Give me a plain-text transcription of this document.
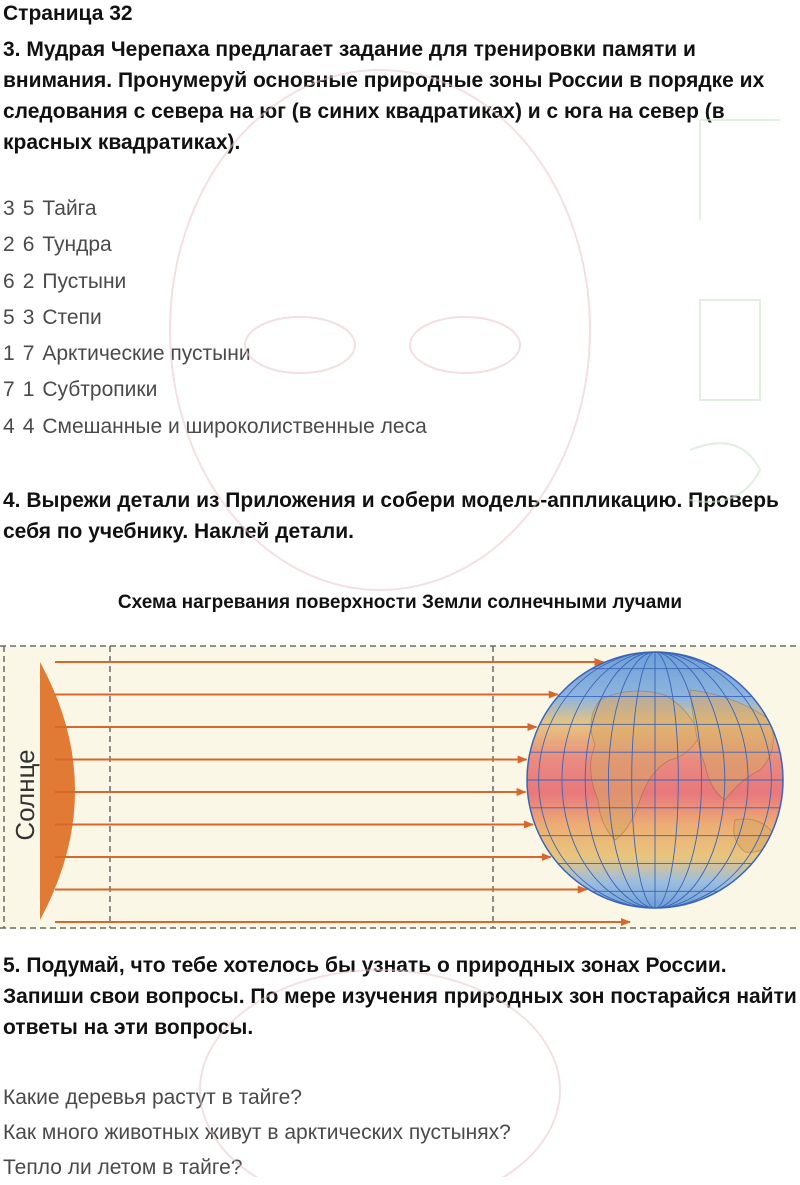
Страница 32
3. Мудрая Черепаха предлагает задание для тренировки памяти и внимания. Пронумеруй основные природные зоны России в порядке их следования с севера на юг (в синих квадратиках) и с юга на север (в красных квадратиках).
3 5 Тайга
2 6 Тундра
6 2 Пустыни
5 3 Степи
1 7 Арктические пустыни
7 1 Субтропики
4 4 Смешанные и широколиственные леса
4. Вырежи детали из Приложения и собери модель-аппликацию. Проверь себя по учебнику. Наклей детали.
Схема нагревания поверхности Земли солнечными лучами
Солнце
5. Подумай, что тебе хотелось бы узнать о природных зонах России. Запиши свои вопросы. По мере изучения природных зон постарайся найти ответы на эти вопросы.
Какие деревья растут в тайге?
Как много животных живут в арктических пустынях?
Тепло ли летом в тайге?
